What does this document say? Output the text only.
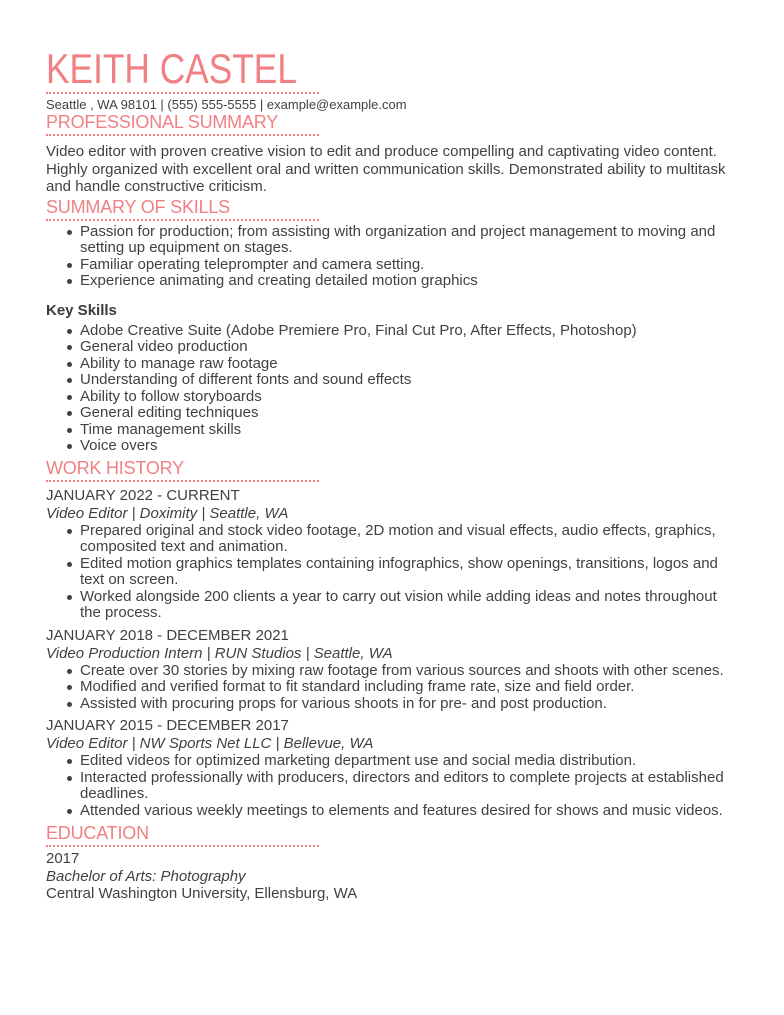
KEITH CASTEL
Seattle , WA 98101 | (555) 555-5555 | example@example.com
PROFESSIONAL SUMMARY

Video editor with proven creative vision to edit and produce compelling and captivating video content. Highly organized with excellent oral and written communication skills. Demonstrated ability to multitask and handle constructive criticism.

SUMMARY OF SKILLS
Passion for production; from assisting with organization and project management to moving and setting up equipment on stages.
Familiar operating teleprompter and camera setting.
Experience animating and creating detailed motion graphics

Key Skills

Adobe Creative Suite (Adobe Premiere Pro, Final Cut Pro, After Effects, Photoshop)
General video production
Ability to manage raw footage
Understanding of different fonts and sound effects
Ability to follow storyboards
General editing techniques
Time management skills
Voice overs
WORK HISTORY
JANUARY 2022 - CURRENT
Video Editor | Doximity | Seattle, WA
Prepared original and stock video footage, 2D motion and visual effects, audio effects, graphics, composited text and animation.
Edited motion graphics templates containing infographics, show openings, transitions, logos and text on screen.
Worked alongside 200 clients a year to carry out vision while adding ideas and notes throughout the process.
JANUARY 2018 - DECEMBER 2021
Video Production Intern | RUN Studios | Seattle, WA
Create over 30 stories by mixing raw footage from various sources and shoots with other scenes.
Modified and verified format to fit standard including frame rate, size and field order.
Assisted with procuring props for various shoots in for pre- and post production.
JANUARY 2015 - DECEMBER 2017
Video Editor | NW Sports Net LLC | Bellevue, WA
Edited videos for optimized marketing department use and social media distribution.
Interacted professionally with producers, directors and editors to complete projects at established deadlines.
Attended various weekly meetings to elements and features desired for shows and music videos.
EDUCATION
2017
Bachelor of Arts: Photography
Central Washington University, Ellensburg, WA
